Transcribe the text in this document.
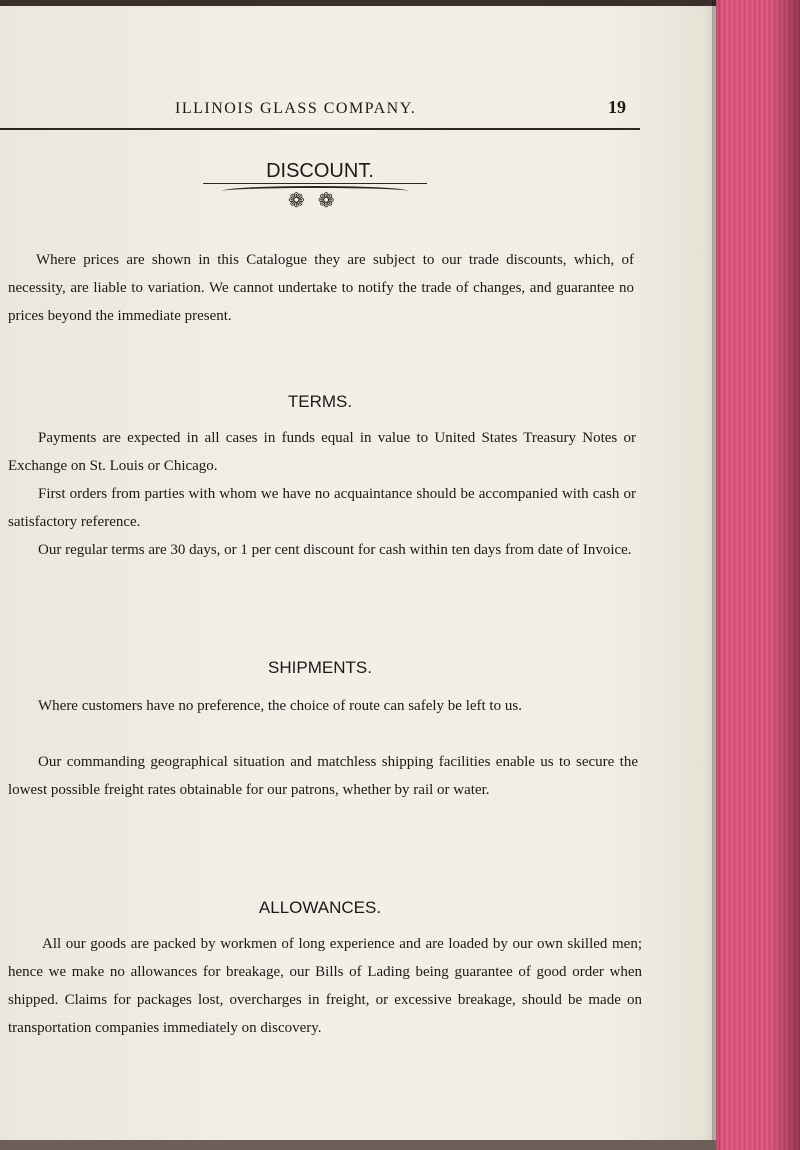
ILLINOIS GLASS COMPANY.	19
DISCOUNT.
❁ ❁

Where prices are shown in this Catalogue they are subject to our trade discounts, which, of necessity, are liable to variation. We cannot undertake to notify the trade of changes, and guarantee no prices beyond the immediate present.

TERMS.

Payments are expected in all cases in funds equal in value to United States Treasury Notes or Exchange on St. Louis or Chicago.

First orders from parties with whom we have no acquaintance should be accompanied with cash or satisfactory reference.

Our regular terms are 30 days, or 1 per cent discount for cash within ten days from date of Invoice.

SHIPMENTS.

Where customers have no preference, the choice of route can safely be left to us.

Our commanding geographical situation and matchless shipping facilities enable us to secure the lowest possible freight rates obtainable for our patrons, whether by rail or water.

ALLOWANCES.

All our goods are packed by workmen of long experience and are loaded by our own skilled men; hence we make no allowances for breakage, our Bills of Lading being guarantee of good order when shipped. Claims for packages lost, overcharges in freight, or excessive breakage, should be made on transportation companies immediately on discovery.
